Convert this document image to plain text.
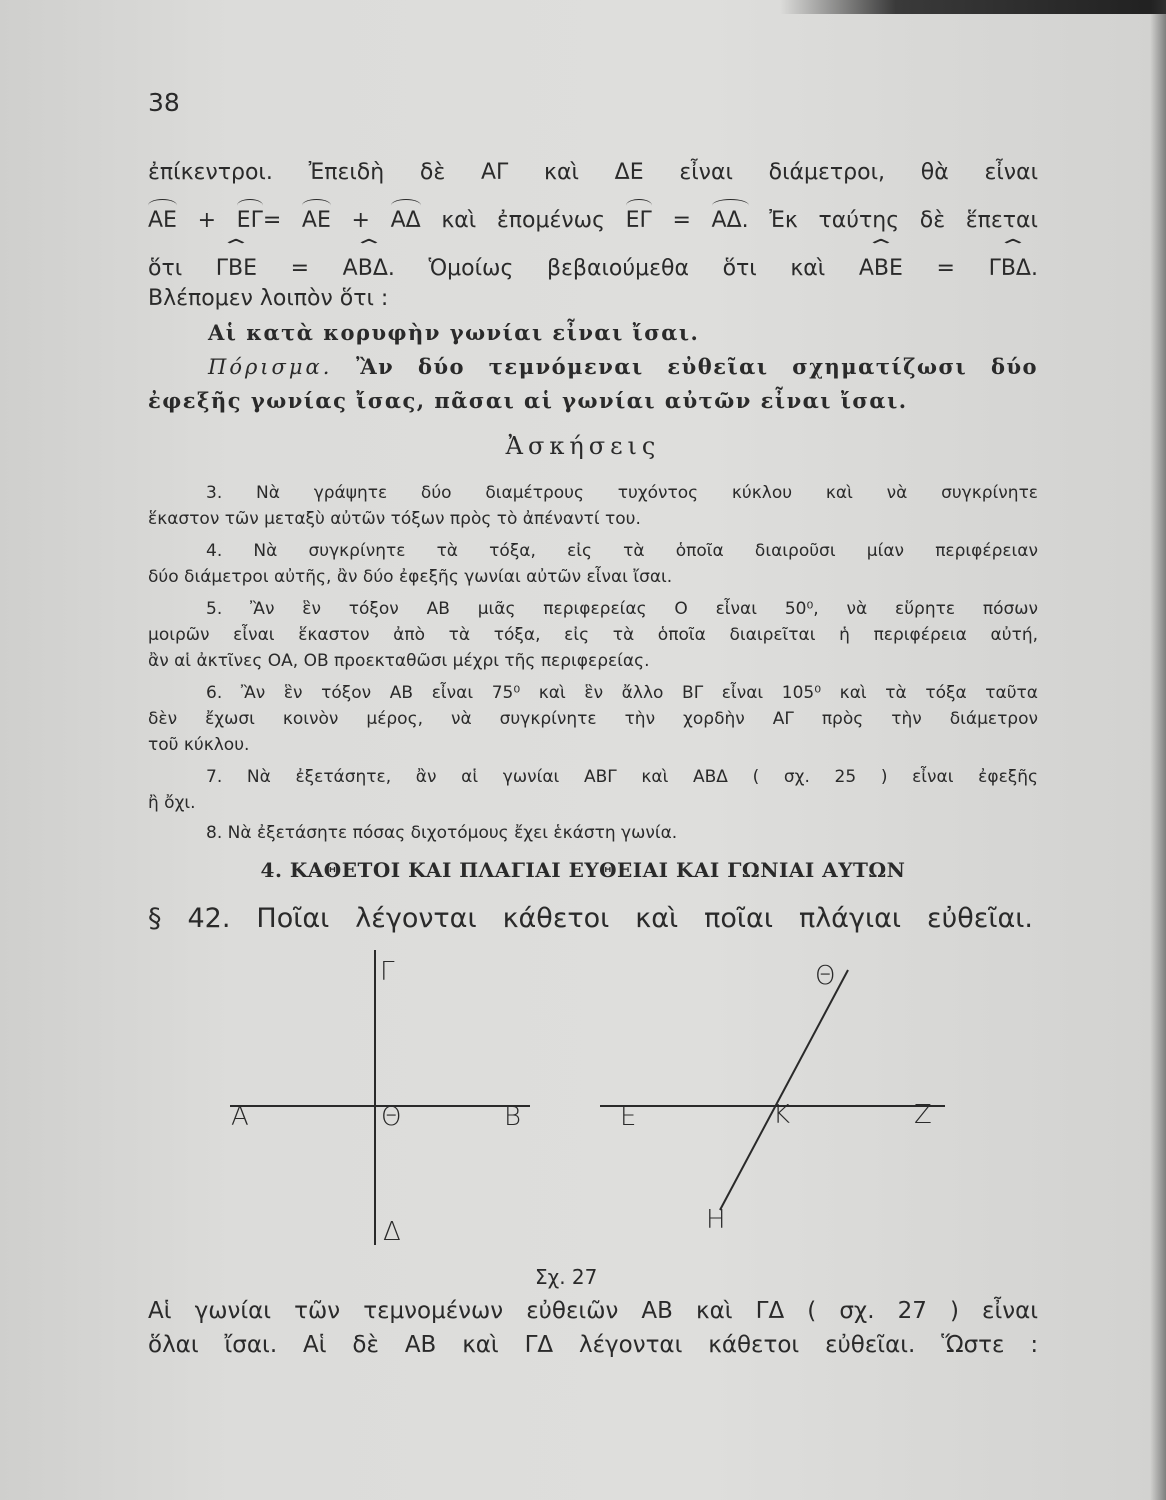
38
ἐπίκεντροι. Ἐπειδὴ δὲ ΑΓ καὶ ΔΕ εἶναι διάμετροι, θὰ εἶναι
ΑΕ + ΕΓ= ΑΕ + ΑΔ καὶ ἐπομένως ΕΓ = ΑΔ. Ἐκ ταύτης δὲ ἕπεται
ὅτι ⌃ ΓΒΕ = ⌃ ΑΒΔ. Ὁμοίως βεβαιούμεθα ὅτι καὶ ⌃ ΑΒΕ = ⌃ ΓΒΔ.
Βλέπομεν λοιπὸν ὅτι :
Αἱ κατὰ κορυφὴν γωνίαι εἶναι ἴσαι.
Πόρισμα. Ἂν δύο τεμνόμεναι εὐθεῖαι σχηματίζωσι δύο
ἐφεξῆς γωνίας ἴσας, πᾶσαι αἱ γωνίαι αὐτῶν εἶναι ἴσαι.
Ἀσκήσεις
3. Νὰ γράψητε δύο διαμέτρους τυχόντος κύκλου καὶ νὰ συγκρίνητε
ἕκαστον τῶν μεταξὺ αὐτῶν τόξων πρὸς τὸ ἀπέναντί του.
4. Νὰ συγκρίνητε τὰ τόξα, εἰς τὰ ὁποῖα διαιροῦσι μίαν περιφέρειαν
δύο διάμετροι αὐτῆς, ἂν δύο ἐφεξῆς γωνίαι αὐτῶν εἶναι ἴσαι.
5. Ἂν ἓν τόξον ΑΒ μιᾶς περιφερείας Ο εἶναι 50⁰, νὰ εὕρητε πόσων
μοιρῶν εἶναι ἕκαστον ἀπὸ τὰ τόξα, εἰς τὰ ὁποῖα διαιρεῖται ἡ περιφέρεια αὐτή,
ἂν αἱ ἀκτῖνες ΟΑ, ΟΒ προεκταθῶσι μέχρι τῆς περιφερείας.
6. Ἂν ἓν τόξον ΑΒ εἶναι 75⁰ καὶ ἓν ἄλλο ΒΓ εἶναι 105⁰ καὶ τὰ τόξα ταῦτα
δὲν ἔχωσι κοινὸν μέρος, νὰ συγκρίνητε τὴν χορδὴν ΑΓ πρὸς τὴν διάμετρον
τοῦ κύκλου.
7. Νὰ ἐξετάσητε, ἂν αἱ γωνίαι ΑΒΓ καὶ ΑΒΔ ( σχ. 25 ) εἶναι ἐφεξῆς
ἢ ὄχι.
8. Νὰ ἐξετάσητε πόσας διχοτόμους ἔχει ἑκάστη γωνία.
4. ΚΑΘΕΤΟΙ ΚΑΙ ΠΛΑΓΙΑΙ ΕΥΘΕΙΑΙ ΚΑΙ ΓΩΝΙΑΙ ΑΥΤΩΝ
§ 42. Ποῖαι λέγονται κάθετοι καὶ ποῖαι πλάγιαι εὐθεῖαι.
Γ
Α	Θ	Β
Δ
Ε	Κ	Ζ
Θ
Η
Σχ. 27
Αἱ γωνίαι τῶν τεμνομένων εὐθειῶν ΑΒ καὶ ΓΔ ( σχ. 27 ) εἶναι
ὅλαι ἴσαι. Αἱ δὲ ΑΒ καὶ ΓΔ λέγονται κάθετοι εὐθεῖαι. Ὥστε :
